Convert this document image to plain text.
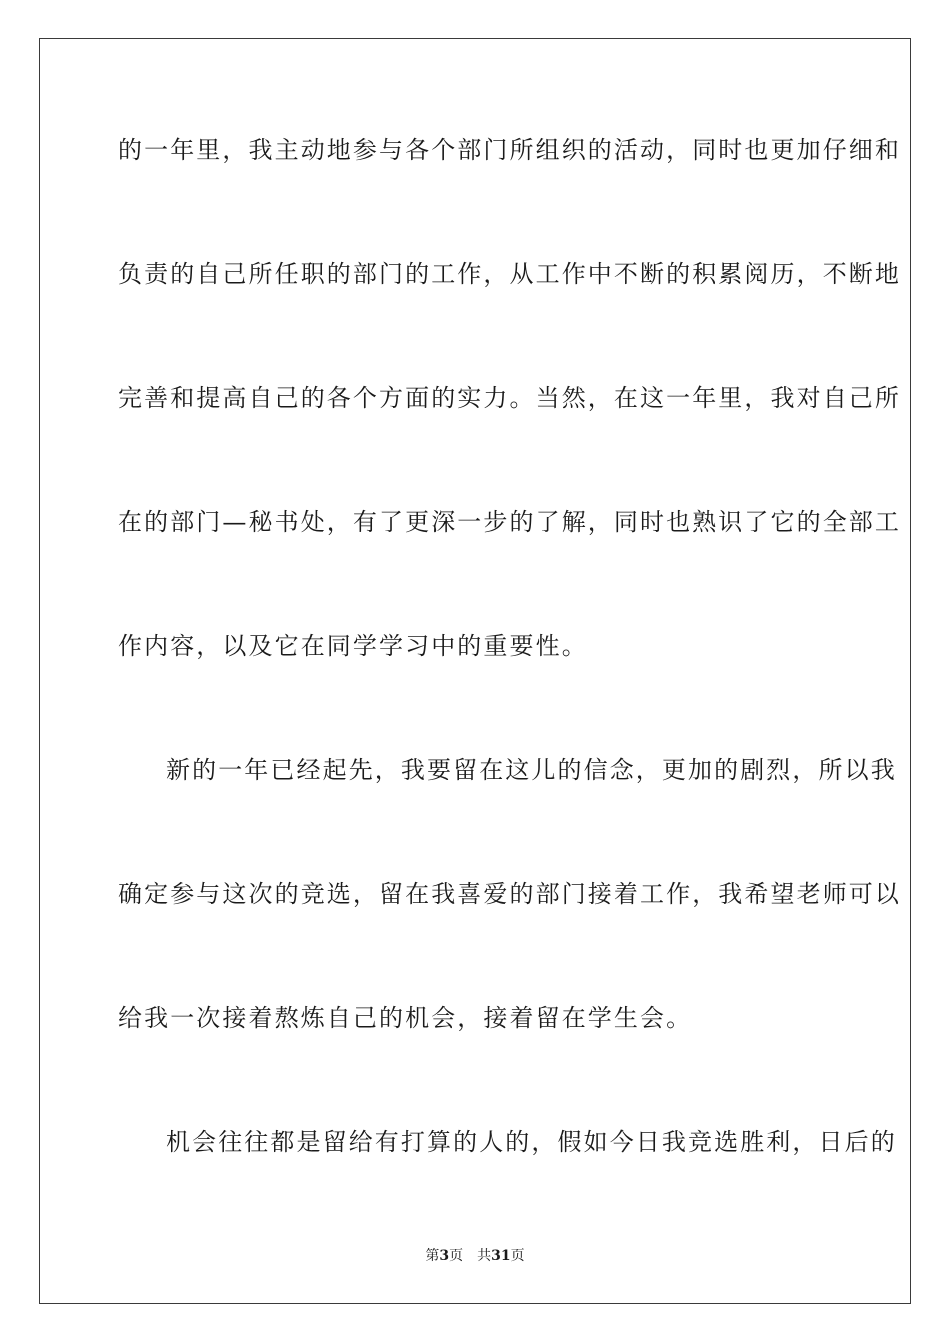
的一年里，我主动地参与各个部门所组织的活动，同时也更加仔细和
负责的自己所任职的部门的工作，从工作中不断的积累阅历，不断地
完善和提高自己的各个方面的实力。当然，在这一年里，我对自己所
在的部门—秘书处，有了更深一步的了解，同时也熟识了它的全部工
作内容，以及它在同学学习中的重要性。
新的一年已经起先，我要留在这儿的信念，更加的剧烈，所以我
确定参与这次的竞选，留在我喜爱的部门接着工作，我希望老师可以
给我一次接着熬炼自己的机会，接着留在学生会。
机会往往都是留给有打算的人的，假如今日我竞选胜利，日后的
第3页 共31页
